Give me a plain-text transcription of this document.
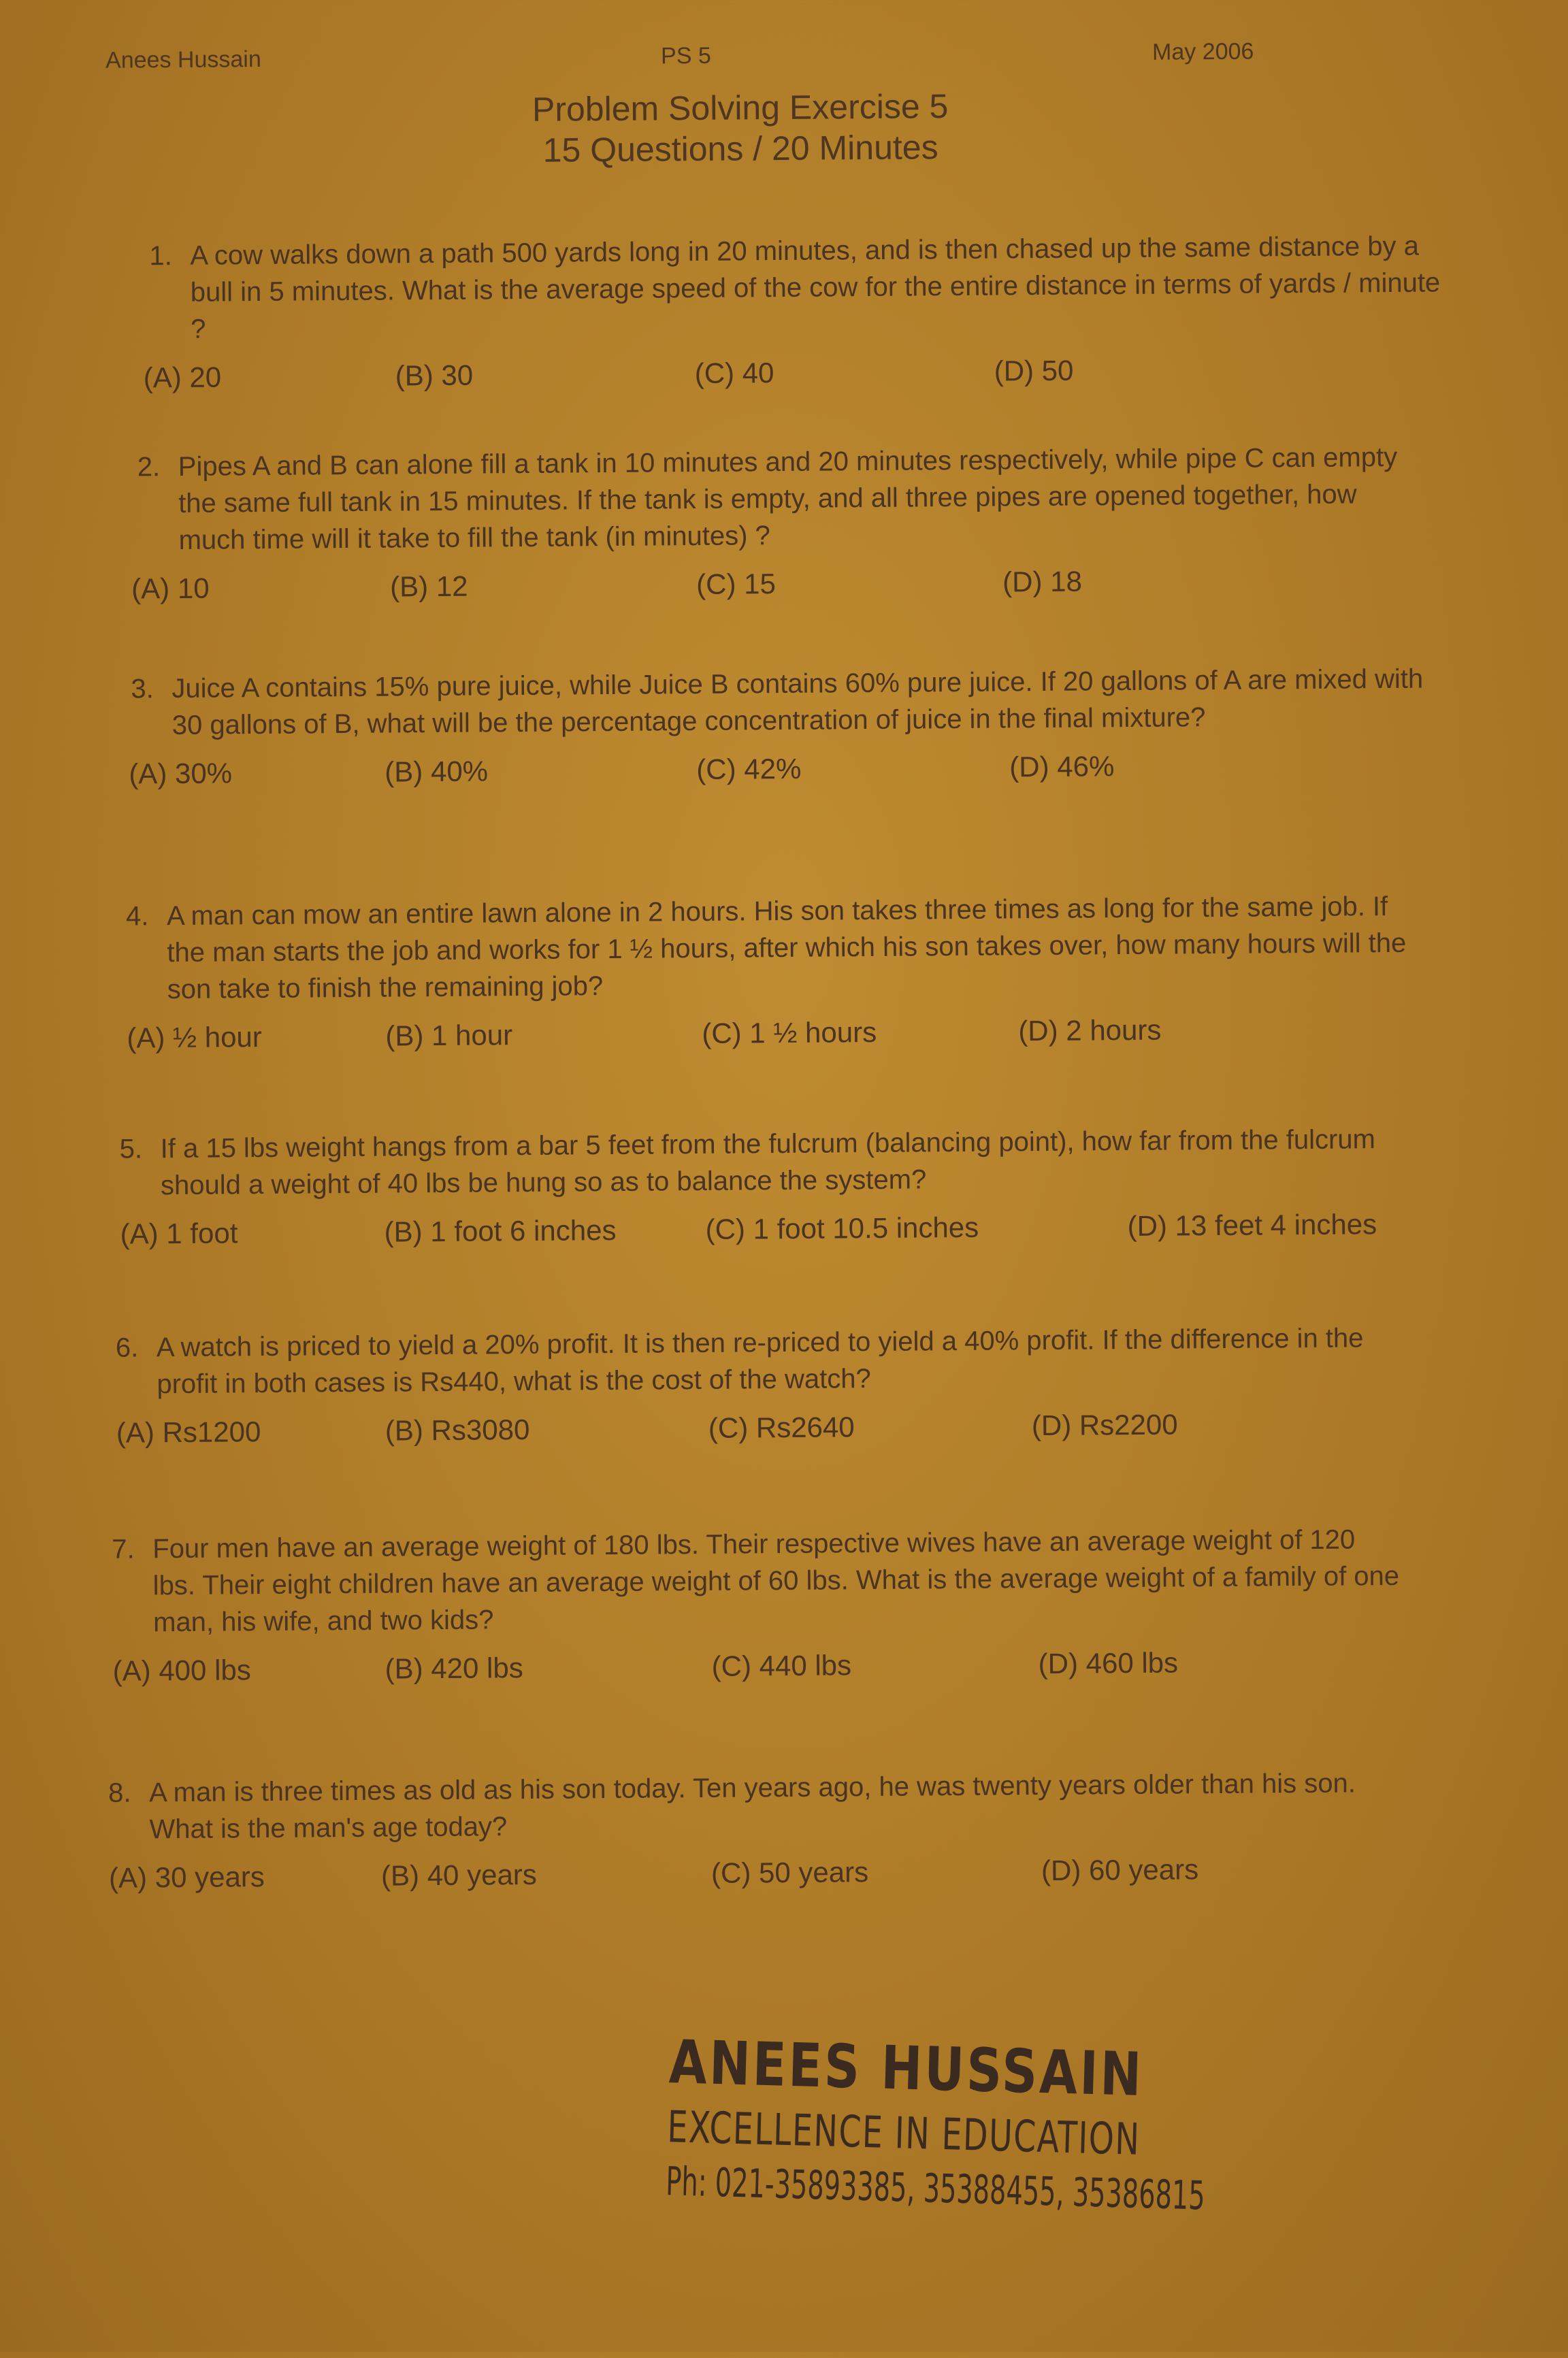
Anees Hussain	PS 5	May 2006
Problem Solving Exercise 5
15 Questions / 20 Minutes
1. A cow walks down a path 500 yards long in 20 minutes, and is then chased up the same distance by a bull in 5 minutes. What is the average speed of the cow for the entire distance in terms of yards / minute ?
(A) 20	(B) 30	(C) 40	(D) 50
2. Pipes A and B can alone fill a tank in 10 minutes and 20 minutes respectively, while pipe C can empty the same full tank in 15 minutes. If the tank is empty, and all three pipes are opened together, how much time will it take to fill the tank (in minutes) ?
(A) 10	(B) 12	(C) 15	(D) 18
3. Juice A contains 15% pure juice, while Juice B contains 60% pure juice. If 20 gallons of A are mixed with 30 gallons of B, what will be the percentage concentration of juice in the final mixture?
(A) 30%	(B) 40%	(C) 42%	(D) 46%
4. A man can mow an entire lawn alone in 2 hours. His son takes three times as long for the same job. If the man starts the job and works for 1 ½ hours, after which his son takes over, how many hours will the son take to finish the remaining job?
(A) ½ hour	(B) 1 hour	(C) 1 ½ hours	(D) 2 hours
5. If a 15 lbs weight hangs from a bar 5 feet from the fulcrum (balancing point), how far from the fulcrum should a weight of 40 lbs be hung so as to balance the system?
(A) 1 foot	(B) 1 foot 6 inches	(C) 1 foot 10.5 inches	(D) 13 feet 4 inches
6. A watch is priced to yield a 20% profit. It is then re-priced to yield a 40% profit. If the difference in the profit in both cases is Rs440, what is the cost of the watch?
(A) Rs1200	(B) Rs3080	(C) Rs2640	(D) Rs2200
7. Four men have an average weight of 180 lbs. Their respective wives have an average weight of 120 lbs. Their eight children have an average weight of 60 lbs. What is the average weight of a family of one man, his wife, and two kids?
(A) 400 lbs	(B) 420 lbs	(C) 440 lbs	(D) 460 lbs
8. A man is three times as old as his son today. Ten years ago, he was twenty years older than his son. What is the man's age today?
(A) 30 years	(B) 40 years	(C) 50 years	(D) 60 years
ANEES HUSSAIN
EXCELLENCE IN EDUCATION
Ph: 021-35893385, 35388455, 35386815
